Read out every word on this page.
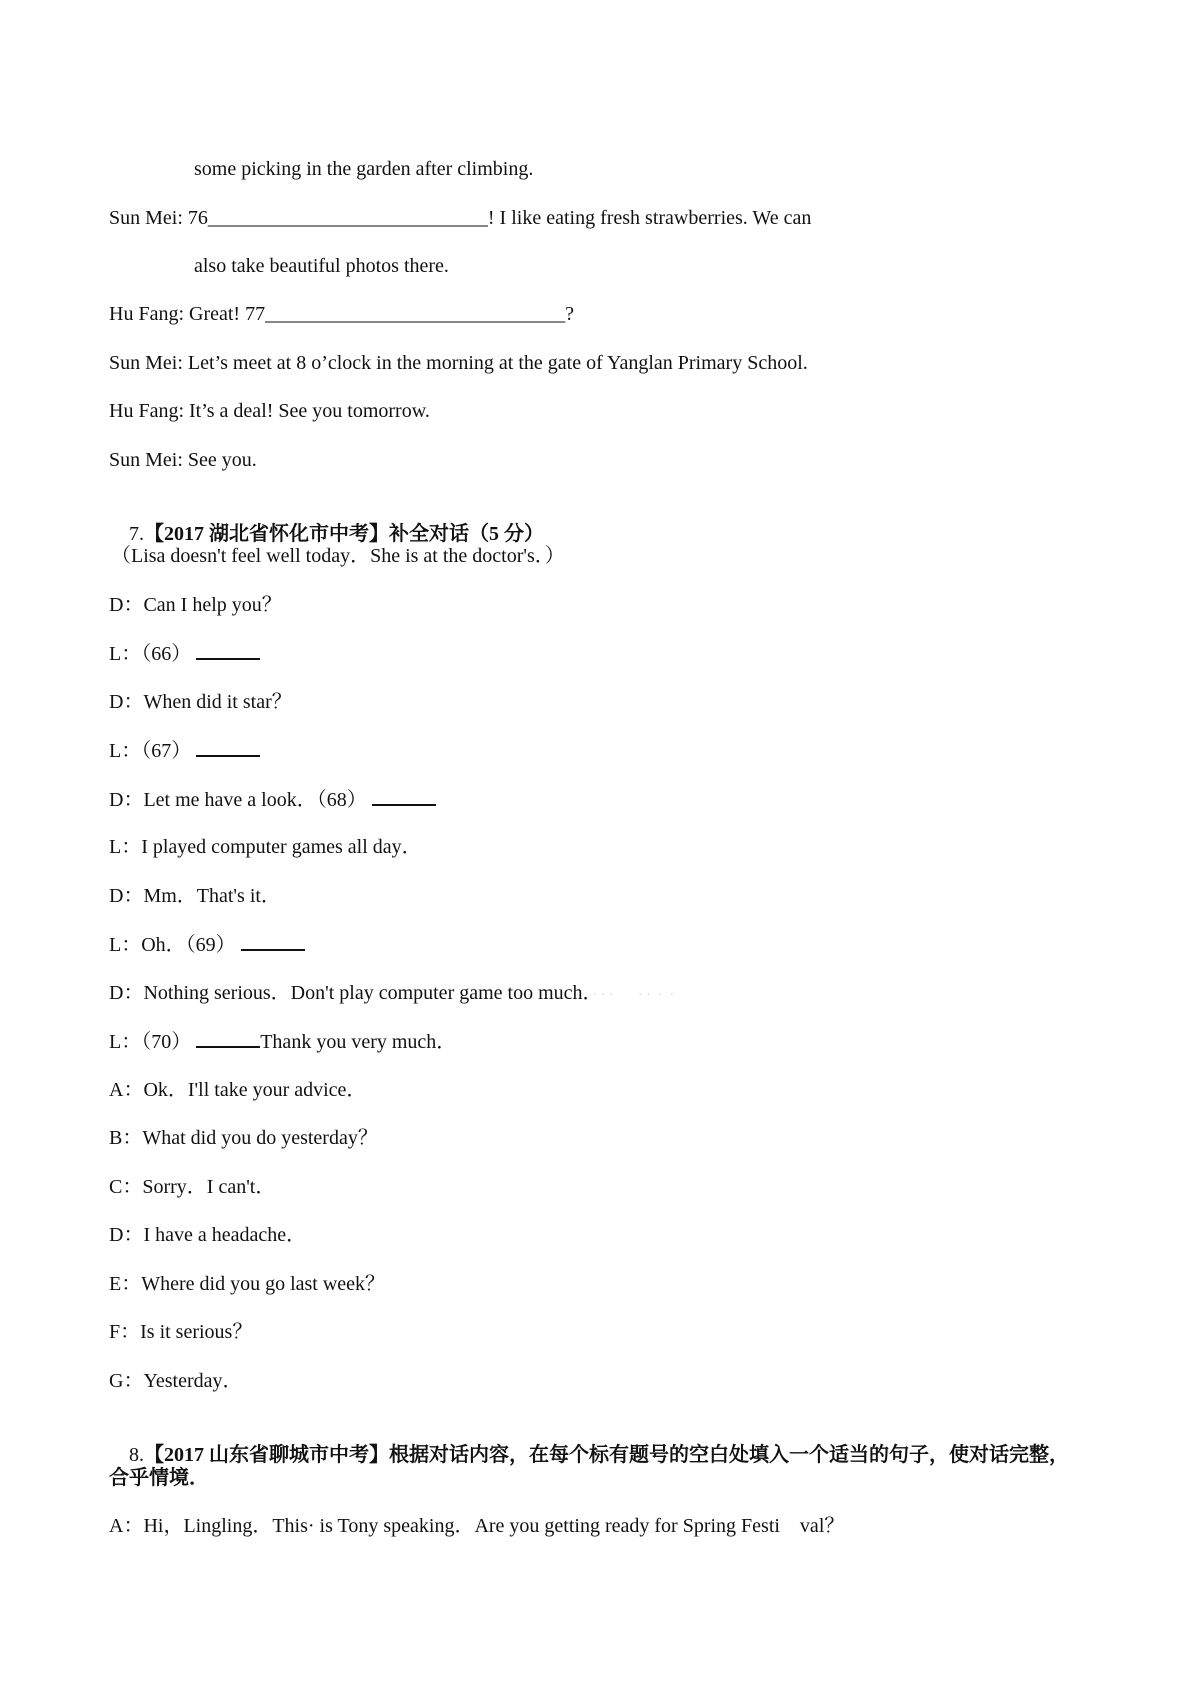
some picking in the garden after climbing.
Sun Mei: 76____________________________! I like eating fresh strawberries. We can
also take beautiful photos there.
Hu Fang: Great! 77______________________________?
Sun Mei: Let’s meet at 8 o’clock in the morning at the gate of Yanglan Primary School.
Hu Fang: It’s a deal! See you tomorrow.
Sun Mei: See you.

7.【2017 湖北省怀化市中考】补全对话（5 分）

（Lisa doesn't feel well today．She is at the doctor's．）
D：Can I help you？
L：（66）
D：When did it star？
L：（67）
D：Let me have a look．（68）
L：I played computer games all day．
D：Mm．That's it．
L：Oh．（69）
D：Nothing serious．Don't play computer game too much．· · ·       · ·  ·  ·
L：（70）	Thank you very much．
A：Ok．I'll take your advice．
B：What did you do yesterday？
C：Sorry．I can't．
D：I have a headache．
E：Where did you go last week？
F：Is it serious？
G：Yesterday．

8.【2017 山东省聊城市中考】根据对话内容，在每个标有题号的空白处填入一个适当的句子，使对话完整，

合乎情境．
A：Hi，Lingling．This· is Tony speaking．Are you getting ready for Spring Festi    val？
